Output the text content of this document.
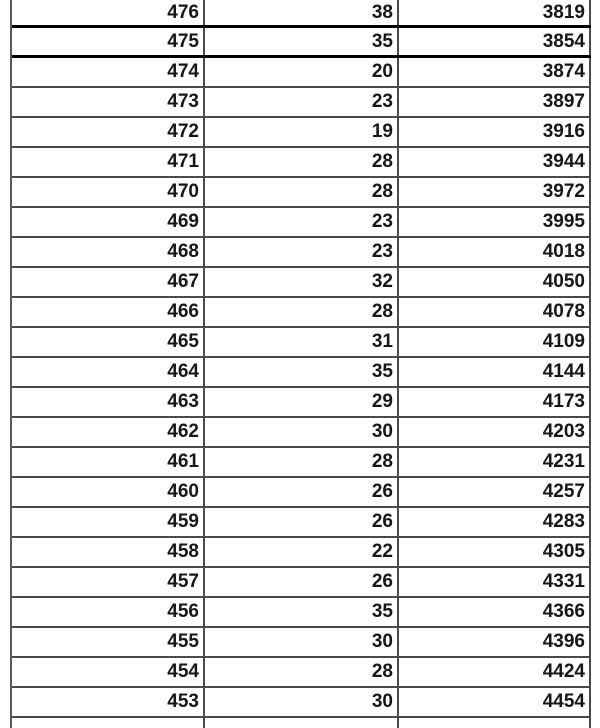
476	38	3819
475	35	3854
474	20	3874
473	23	3897
472	19	3916
471	28	3944
470	28	3972
469	23	3995
468	23	4018
467	32	4050
466	28	4078
465	31	4109
464	35	4144
463	29	4173
462	30	4203
461	28	4231
460	26	4257
459	26	4283
458	22	4305
457	26	4331
456	35	4366
455	30	4396
454	28	4424
453	30	4454
